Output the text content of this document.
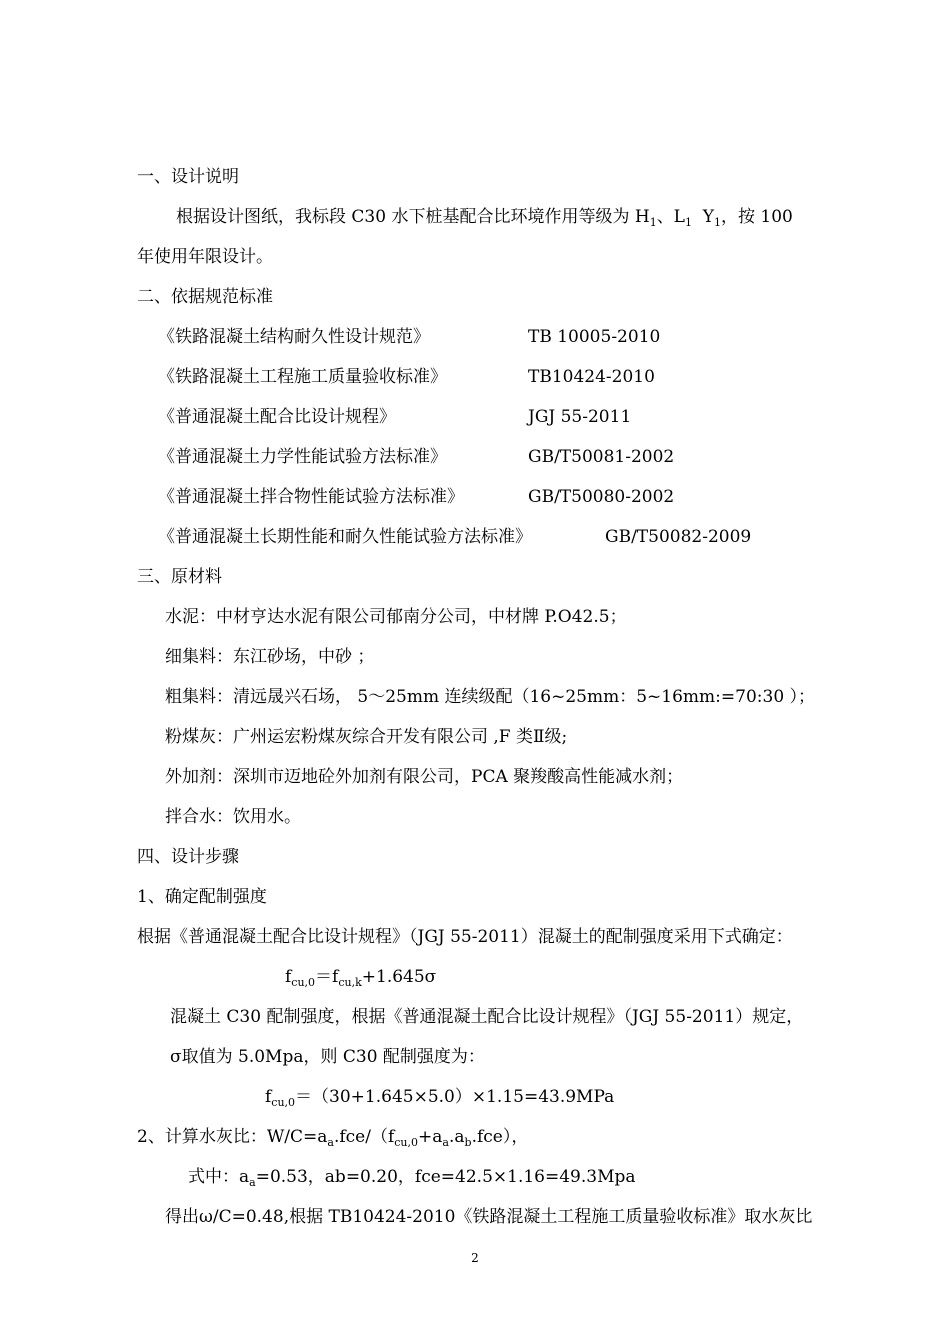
一、设计说明
根据设计图纸，我标段 C30 水下桩基配合比环境作用等级为 $H_1$、$L_1$  $Y_1$，按 100
年使用年限设计。
二、依据规范标准
《铁路混凝土结构耐久性设计规范》	TB 10005-2010
《铁路混凝土工程施工质量验收标准》	TB10424-2010
《普通混凝土配合比设计规程》	JGJ 55-2011
《普通混凝土力学性能试验方法标准》	GB/T50081-2002
《普通混凝土拌合物性能试验方法标准》	GB/T50080-2002
《普通混凝土长期性能和耐久性能试验方法标准》	GB/T50082-2009
三、原材料
水泥：中材亨达水泥有限公司郁南分公司，中材牌 P.O42.5；
细集料：东江砂场，中砂 ；
粗集料：清远晟兴石场， 5～25mm 连续级配（16~25mm：5~16mm:=70:30 ）；
粉煤灰：广州运宏粉煤灰综合开发有限公司 ,F 类Ⅱ级;
外加剂：深圳市迈地砼外加剂有限公司，PCA 聚羧酸高性能减水剂；
拌合水：饮用水。
四、设计步骤
1、确定配制强度
根据《普通混凝土配合比设计规程》（JGJ 55-2011）混凝土的配制强度采用下式确定：
$f_{cu,0}=f_{cu,k}+1.645\sigma$
混凝土 C30 配制强度，根据《普通混凝土配合比设计规程》（JGJ 55-2011）规定，
σ取值为 5.0Mpa，则 C30 配制强度为：
$f_{cu,0}=(30+1.645\times 5.0)\times 1.15=43.9MPa$
2、计算水灰比：$W/C=a_a.fce/(f_{cu,0}+a_a.a_b.fce)$，
式中：$a_a=0.53$，ab=0.20，fce=42.5×1.16=49.3Mpa
得出ω/C=0.48,根据 TB10424-2010《铁路混凝土工程施工质量验收标准》取水灰比
2
